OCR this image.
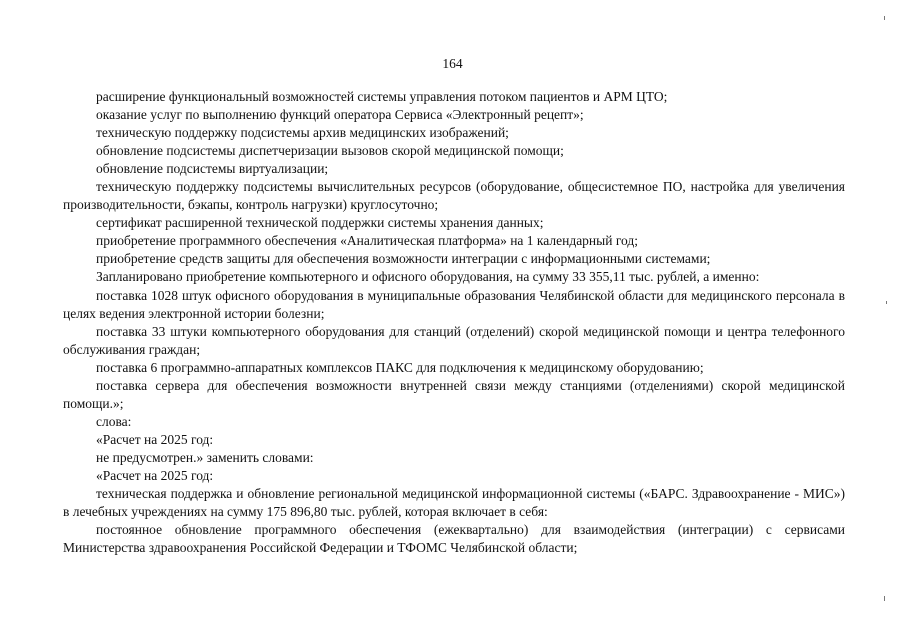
164

расширение функциональный возможностей системы управления потоком пациентов и АРМ ЦТО;

оказание услуг по выполнению функций оператора Сервиса «Электронный рецепт»;

техническую поддержку подсистемы архив медицинских изображений;

обновление подсистемы диспетчеризации вызовов скорой медицинской помощи;

обновление подсистемы виртуализации;

техническую поддержку подсистемы вычислительных ресурсов (оборудование, общесистемное ПО, настройка для увеличения производительности, бэкапы, контроль нагрузки) круглосуточно;

сертификат расширенной технической поддержки системы хранения данных;

приобретение программного обеспечения «Аналитическая платформа» на 1 календарный год;

приобретение средств защиты для обеспечения возможности интеграции с информационными системами;

Запланировано приобретение компьютерного и офисного оборудования, на сумму 33 355,11 тыс. рублей, а именно:

поставка 1028 штук офисного оборудования в муниципальные образования Челябинской области для медицинского персонала в целях ведения электронной истории болезни;

поставка 33 штуки компьютерного оборудования для станций (отделений) скорой медицинской помощи и центра телефонного обслуживания граждан;

поставка 6 программно-аппаратных комплексов ПАКС для подключения к медицинскому оборудованию;

поставка сервера для обеспечения возможности внутренней связи между станциями (отделениями) скорой медицинской помощи.»;

слова:

«Расчет на 2025 год:

не предусмотрен.» заменить словами:

«Расчет на 2025 год:

техническая поддержка и обновление региональной медицинской информационной системы («БАРС. Здравоохранение - МИС») в лечебных учреждениях на сумму 175 896,80 тыс. рублей, которая включает в себя:

постоянное обновление программного обеспечения (ежеквартально) для взаимодействия (интеграции) с сервисами Министерства здравоохранения Российской Федерации и ТФОМС Челябинской области;
